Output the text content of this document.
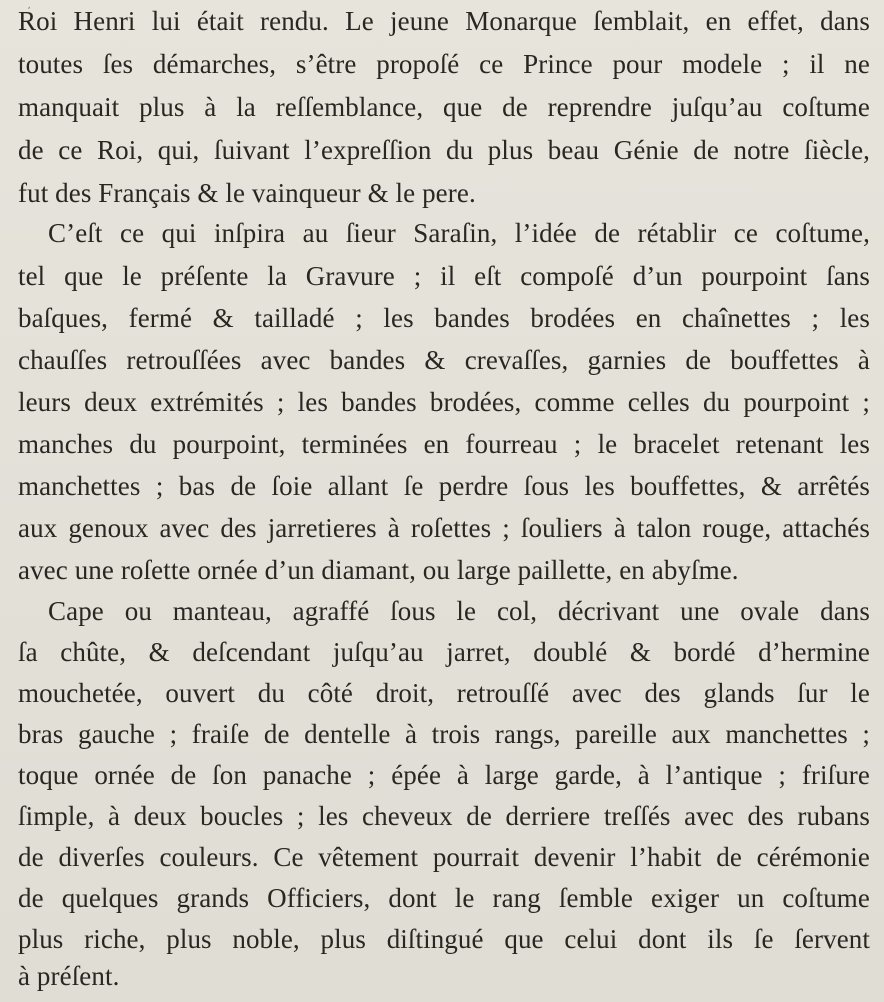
͵
Roi Henri lui était rendu. Le jeune Monarque ſemblait, en effet, dans
toutes ſes démarches, s’être propoſé ce Prince pour modele ; il ne
manquait plus à la reſſemblance, que de reprendre juſqu’au coſtume
de ce Roi, qui, ſuivant l’expreſſion du plus beau Génie de notre ſiècle,
fut des Français & le vainqueur & le pere.
C’eſt ce qui inſpira au ſieur Saraſin, l’idée de rétablir ce coſtume,
tel que le préſente la Gravure ; il eſt compoſé d’un pourpoint ſans
baſques, fermé & tailladé ; les bandes brodées en chaînettes ; les
chauſſes retrouſſées avec bandes & crevaſſes, garnies de bouffettes à
leurs deux extrémités ; les bandes brodées, comme celles du pourpoint ;
manches du pourpoint, terminées en fourreau ; le bracelet retenant les
manchettes ; bas de ſoie allant ſe perdre ſous les bouffettes, & arrêtés
aux genoux avec des jarretieres à roſettes ; ſouliers à talon rouge, attachés
avec une roſette ornée d’un diamant, ou large paillette, en abyſme.
Cape ou manteau, agraffé ſous le col, décrivant une ovale dans
ſa chûte, & deſcendant juſqu’au jarret, doublé & bordé d’hermine
mouchetée, ouvert du côté droit, retrouſſé avec des glands ſur le
bras gauche ; fraiſe de dentelle à trois rangs, pareille aux manchettes ;
toque ornée de ſon panache ; épée à large garde, à l’antique ; friſure
ſimple, à deux boucles ; les cheveux de derriere treſſés avec des rubans
de diverſes couleurs. Ce vêtement pourrait devenir l’habit de cérémonie
de quelques grands Officiers, dont le rang ſemble exiger un coſtume
plus riche, plus noble, plus diſtingué que celui dont ils ſe ſervent
à préſent.
